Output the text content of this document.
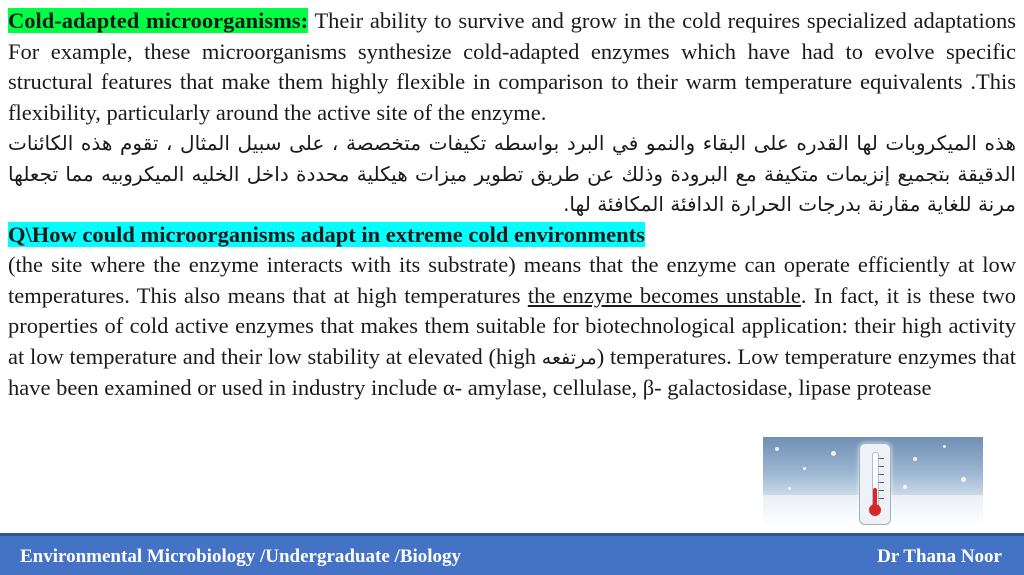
Cold-adapted microorganisms: Their ability to survive and grow in the cold requires specialized adaptations For example, these microorganisms synthesize cold-adapted enzymes which have had to evolve specific structural features that make them highly flexible in comparison to their warm temperature equivalents .This flexibility, particularly around the active site of the enzyme.

هذه الميكروبات لها القدره على البقاء والنمو في البرد بواسطه تكيفات متخصصة ، على سبيل المثال ، تقوم هذه الكائنات الدقيقة بتجميع إنزيمات متكيفة مع البرودة وذلك عن طريق تطوير ميزات هيكلية محددة داخل الخليه الميكروبيه مما تجعلها مرنة للغاية مقارنة بدرجات الحرارة الدافئة المكافئة لها.

Q\How could microorganisms adapt in extreme cold environments

(the site where the enzyme interacts with its substrate) means that the enzyme can operate efficiently at low temperatures. This also means that at high temperatures the enzyme becomes unstable. In fact, it is these two properties of cold active enzymes that makes them suitable for biotechnological application: their high activity at low temperature and their low stability at elevated (high مرتفعه) temperatures. Low temperature enzymes that have been examined or used in industry include α- amylase, cellulase, β- galactosidase, lipase protease

Environmental Microbiology /Undergraduate /Biology	Dr Thana Noor
